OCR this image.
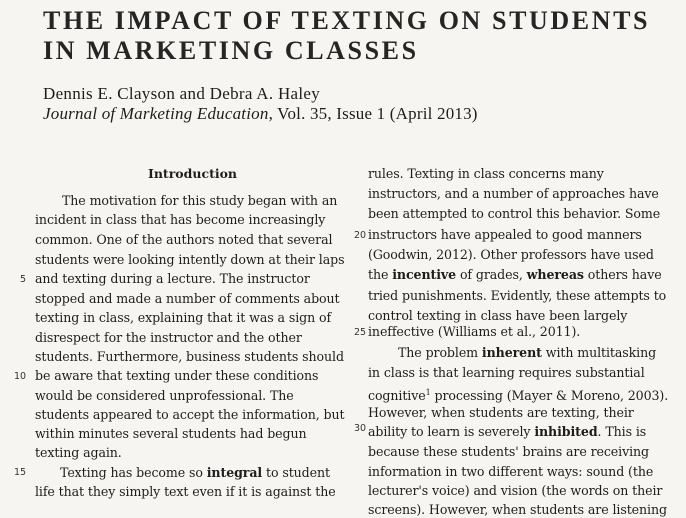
THE IMPACT OF TEXTING ON STUDENTS
IN MARKETING CLASSES
Dennis E. Clayson and Debra A. Haley
Journal of Marketing Education, Vol. 35, Issue 1 (April 2013)
Introduction
The motivation for this study began with an
incident in class that has become increasingly
common. One of the authors noted that several
students were looking intently down at their laps
and texting during a lecture. The instructor
stopped and made a number of comments about
texting in class, explaining that it was a sign of
disrespect for the instructor and the other
students. Furthermore, business students should
be aware that texting under these conditions
would be considered unprofessional. The
students appeared to accept the information, but
within minutes several students had begun
texting again.
Texting has become so integral to student
life that they simply text even if it is against the
5
10
15
20
25
30
rules. Texting in class concerns many
instructors, and a number of approaches have
been attempted to control this behavior. Some
instructors have appealed to good manners
(Goodwin, 2012). Other professors have used
the incentive of grades, whereas others have
tried punishments. Evidently, these attempts to
control texting in class have been largely
ineffective (Williams et al., 2011).
The problem inherent with multitasking
in class is that learning requires substantial
cognitive$^1$ processing (Mayer & Moreno, 2003).
However, when students are texting, their
ability to learn is severely inhibited. This is
because these students' brains are receiving
information in two different ways: sound (the
lecturer's voice) and vision (the words on their
screens). However, when students are listening
